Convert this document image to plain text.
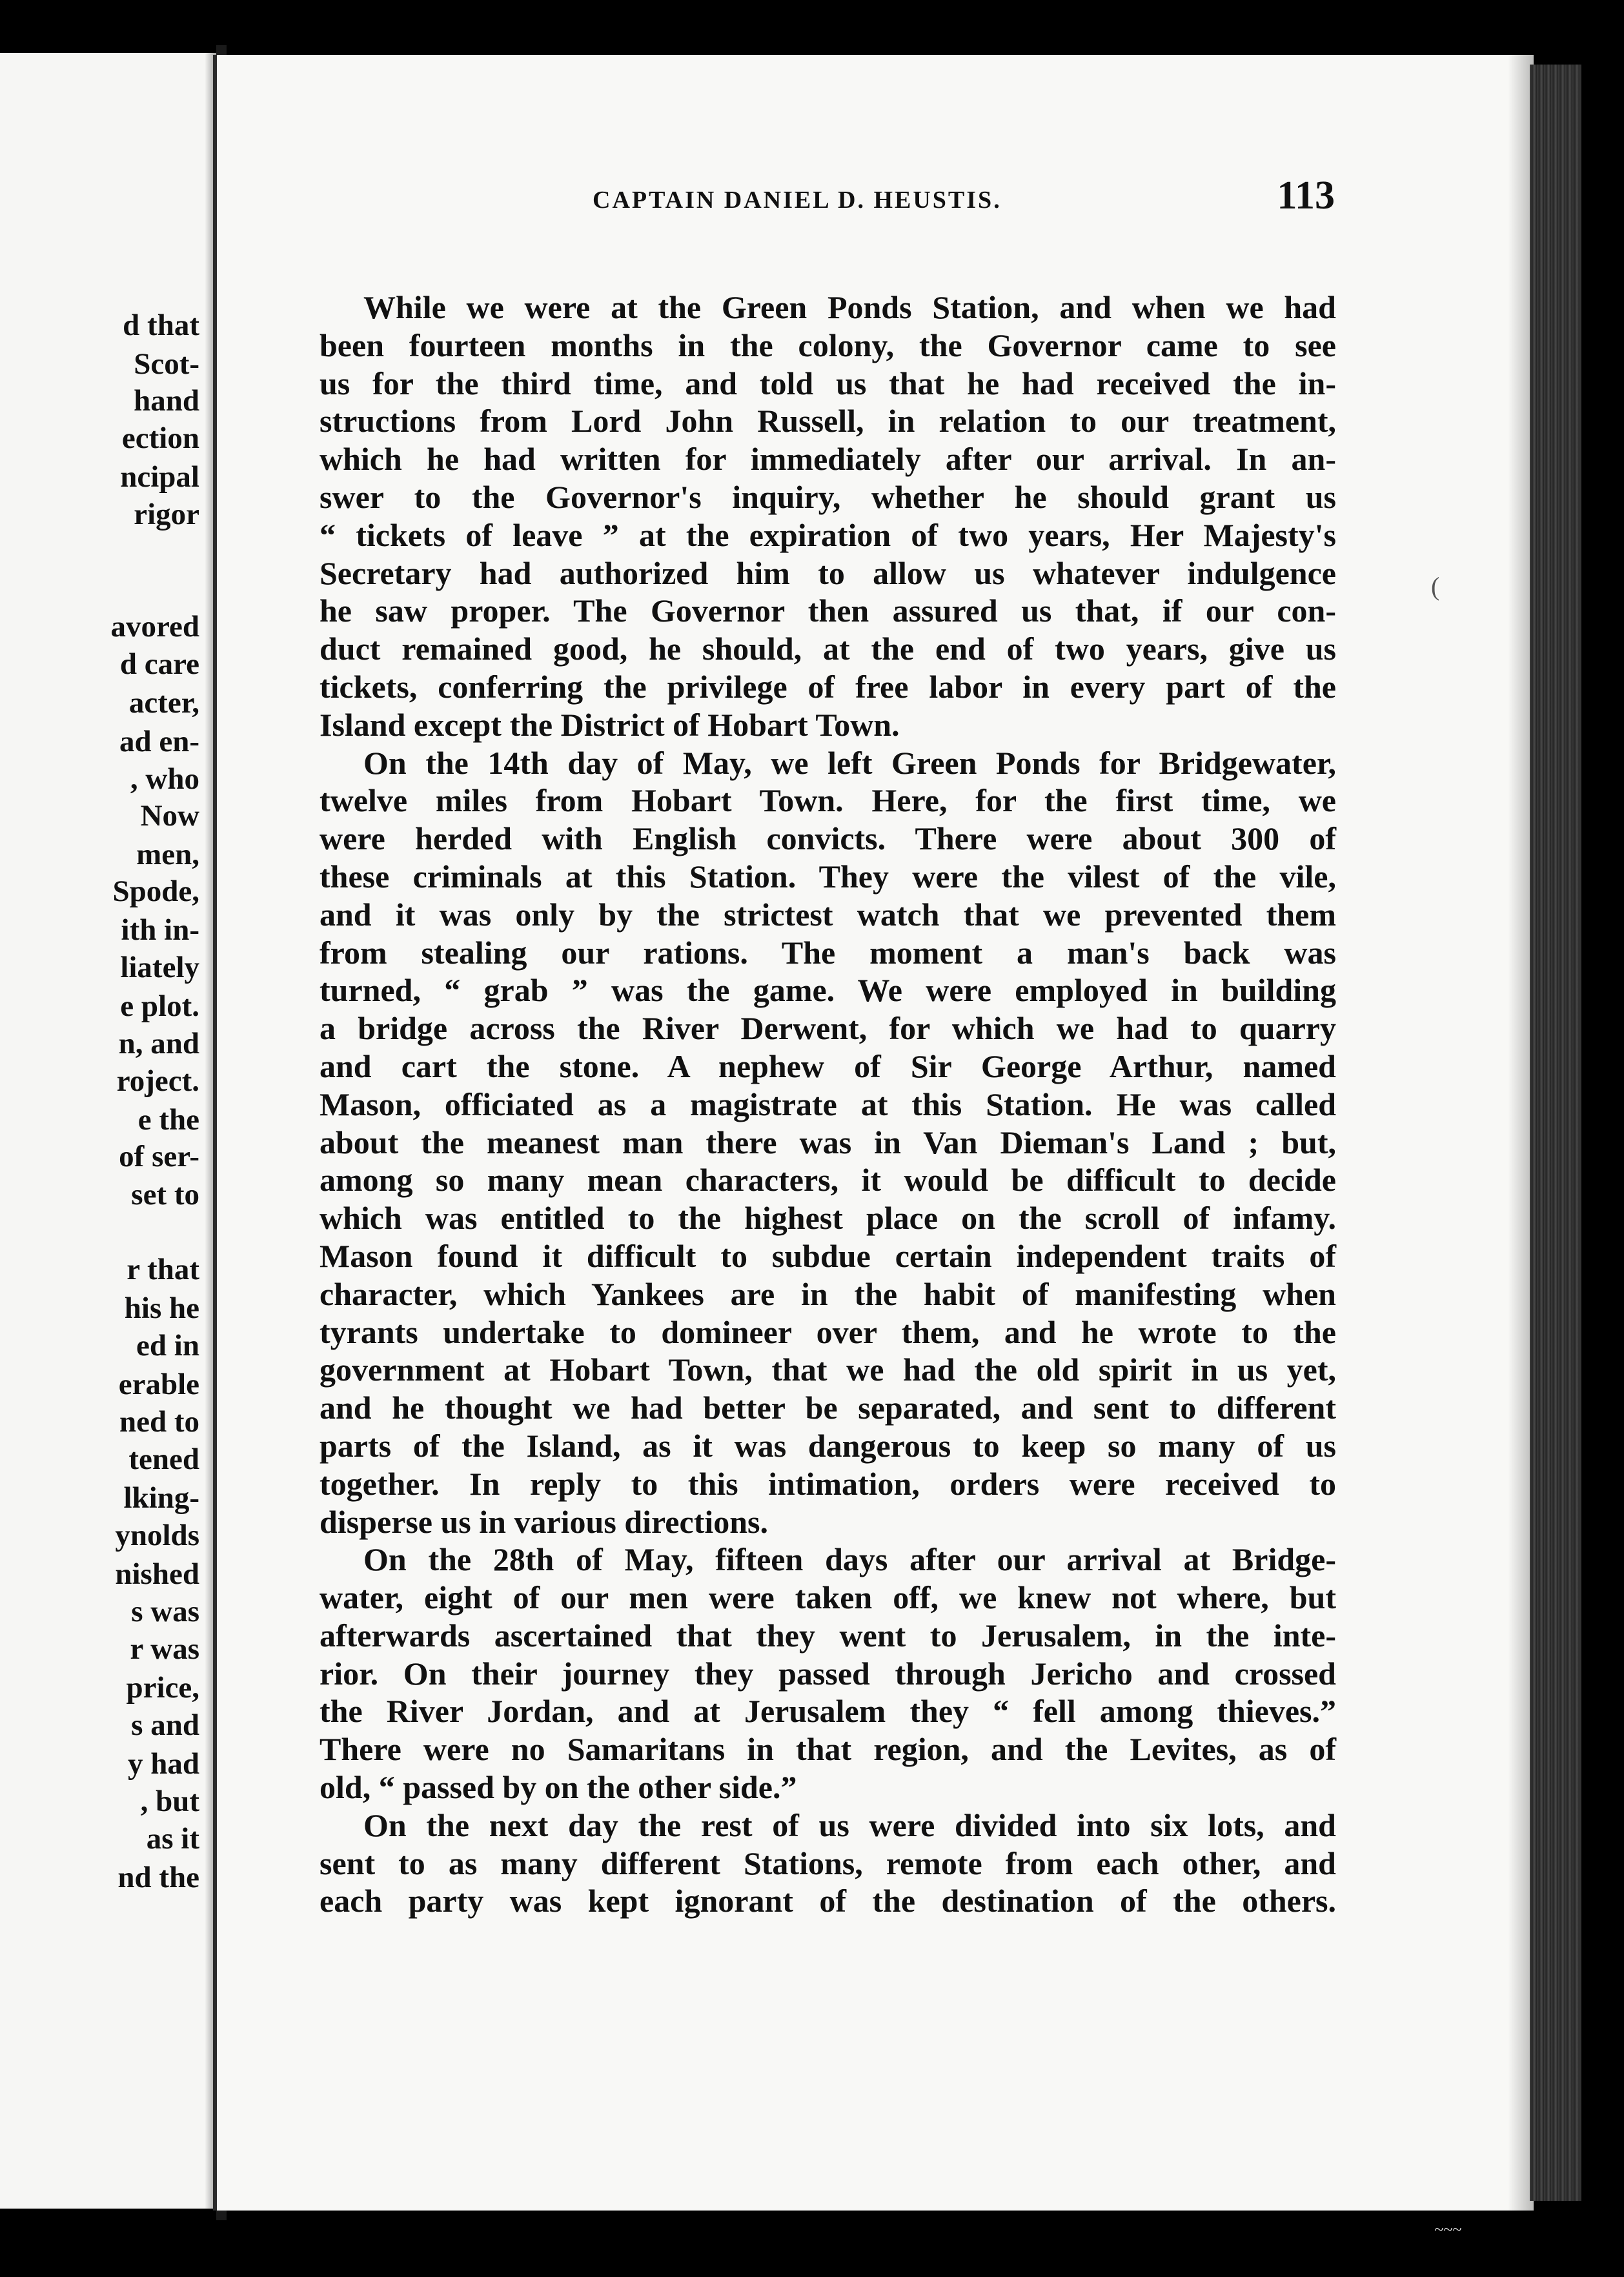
d that
Scot-
hand
ection
ncipal
rigor
avored
d care
acter,
ad en-
, who
Now
men,
Spode,
ith in-
liately
e plot.
n, and
roject.
e the
of ser-
set to
r that
his he
ed in
erable
ned to
tened
lking-
ynolds
nished
s was
r was
price,
s and
y had
, but
as it
nd the
CAPTAIN DANIEL D. HEUSTIS.	113
While we were at the Green Ponds Station, and when we had
been fourteen months in the colony, the Governor came to see
us for the third time, and told us that he had received the in-
structions from Lord John Russell, in relation to our treatment,
which he had written for immediately after our arrival. In an-
swer to the Governor's inquiry, whether he should grant us
“ tickets of leave ” at the expiration of two years, Her Majesty's
Secretary had authorized him to allow us whatever indulgence
he saw proper. The Governor then assured us that, if our con-
duct remained good, he should, at the end of two years, give us
tickets, conferring the privilege of free labor in every part of the
Island except the District of Hobart Town.
On the 14th day of May, we left Green Ponds for Bridgewater,
twelve miles from Hobart Town. Here, for the first time, we
were herded with English convicts. There were about 300 of
these criminals at this Station. They were the vilest of the vile,
and it was only by the strictest watch that we prevented them
from stealing our rations. The moment a man's back was
turned, “ grab ” was the game. We were employed in building
a bridge across the River Derwent, for which we had to quarry
and cart the stone. A nephew of Sir George Arthur, named
Mason, officiated as a magistrate at this Station. He was called
about the meanest man there was in Van Dieman's Land ; but,
among so many mean characters, it would be difficult to decide
which was entitled to the highest place on the scroll of infamy.
Mason found it difficult to subdue certain independent traits of
character, which Yankees are in the habit of manifesting when
tyrants undertake to domineer over them, and he wrote to the
government at Hobart Town, that we had the old spirit in us yet,
and he thought we had better be separated, and sent to different
parts of the Island, as it was dangerous to keep so many of us
together. In reply to this intimation, orders were received to
disperse us in various directions.
On the 28th of May, fifteen days after our arrival at Bridge-
water, eight of our men were taken off, we knew not where, but
afterwards ascertained that they went to Jerusalem, in the inte-
rior. On their journey they passed through Jericho and crossed
the River Jordan, and at Jerusalem they “ fell among thieves.”
There were no Samaritans in that region, and the Levites, as of
old, “ passed by on the other side.”
On the next day the rest of us were divided into six lots, and
sent to as many different Stations, remote from each other, and
each party was kept ignorant of the destination of the others.
(
~~~
